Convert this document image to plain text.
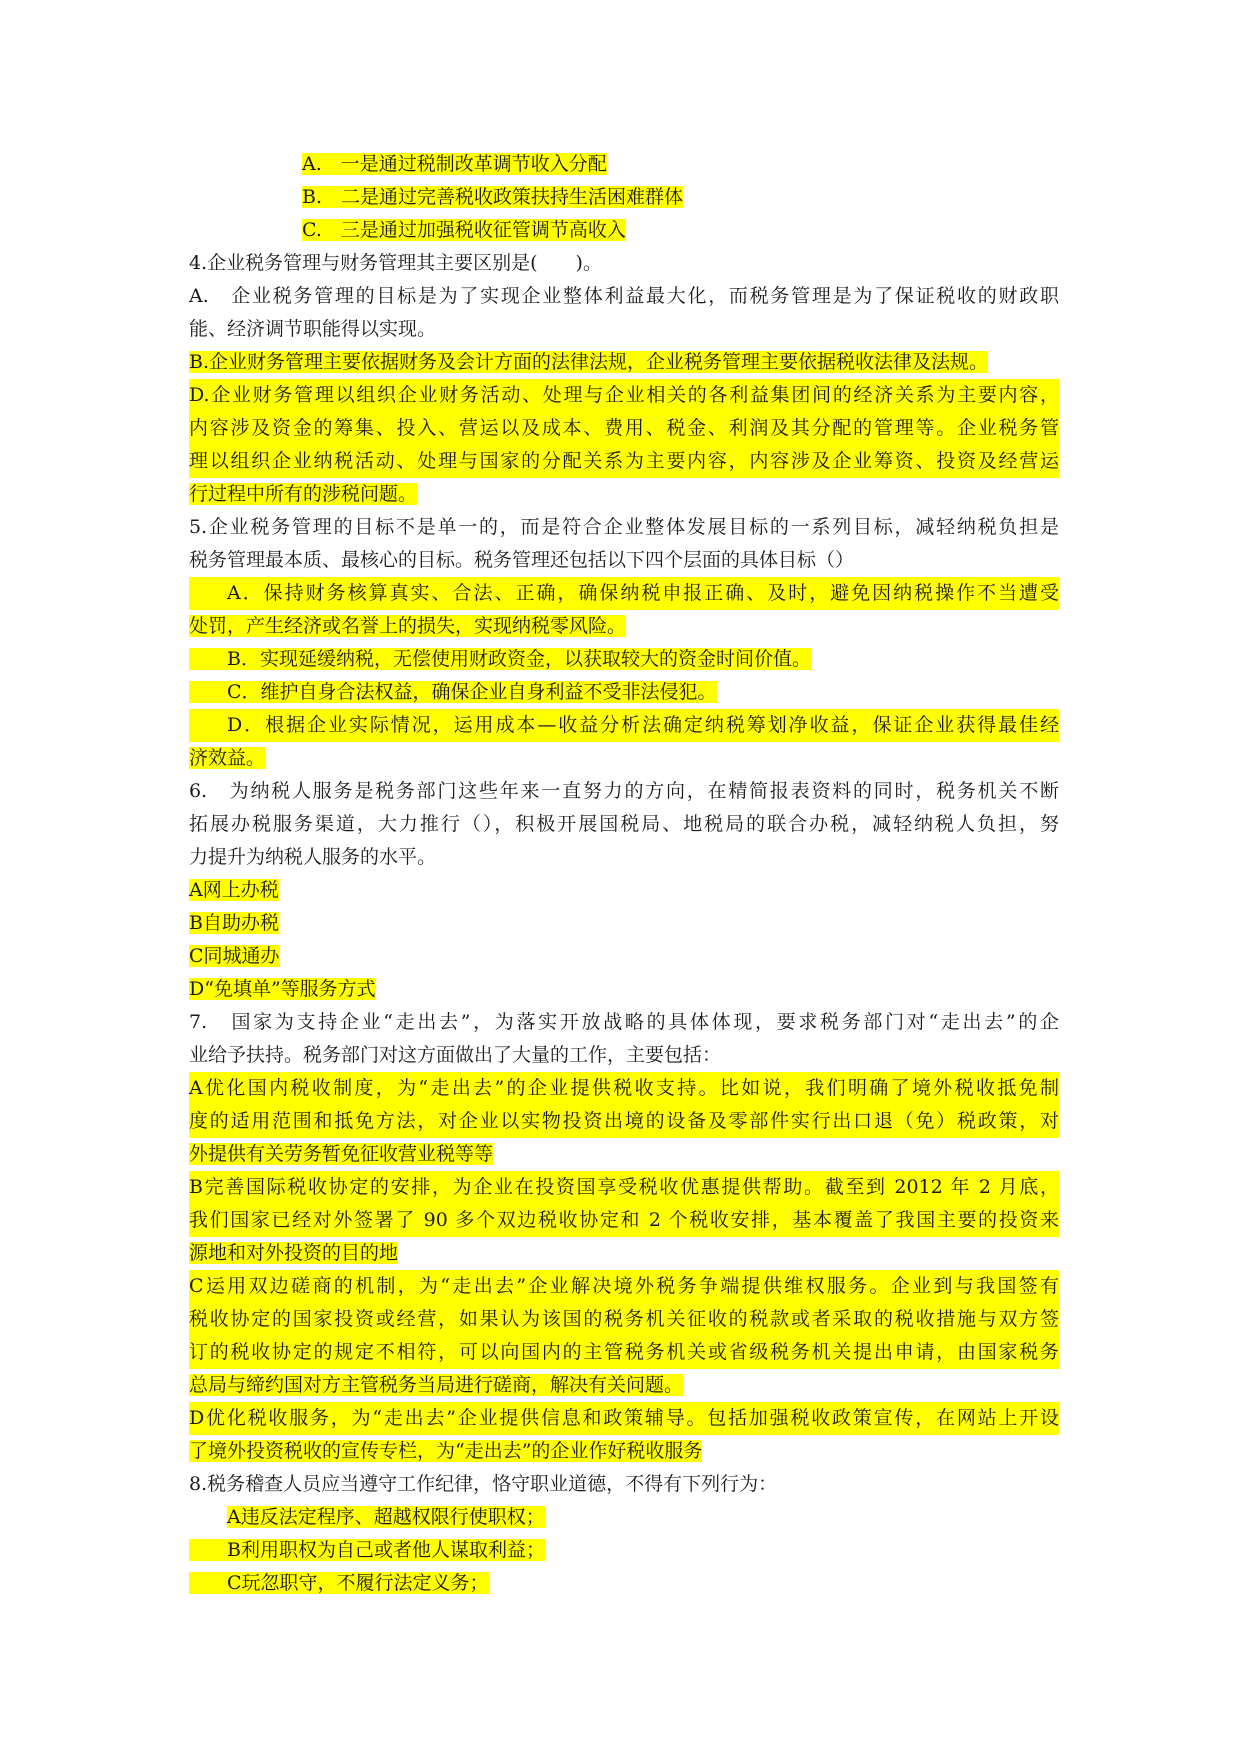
A.　一是通过税制改革调节收入分配
B.　二是通过完善税收政策扶持生活困难群体
C.　三是通过加强税收征管调节高收入
4.企业税务管理与财务管理其主要区别是(　　)。
A.　企业税务管理的目标是为了实现企业整体利益最大化，而税务管理是为了保证税收的财政职
能、经济调节职能得以实现。
B.企业财务管理主要依据财务及会计方面的法律法规，企业税务管理主要依据税收法律及法规。
D.企业财务管理以组织企业财务活动、处理与企业相关的各利益集团间的经济关系为主要内容，
内容涉及资金的筹集、投入、营运以及成本、费用、税金、利润及其分配的管理等。企业税务管
理以组织企业纳税活动、处理与国家的分配关系为主要内容，内容涉及企业筹资、投资及经营运
行过程中所有的涉税问题。
5.企业税务管理的目标不是单一的，而是符合企业整体发展目标的一系列目标，减轻纳税负担是
税务管理最本质、最核心的目标。税务管理还包括以下四个层面的具体目标（）
A．保持财务核算真实、合法、正确，确保纳税申报正确、及时，避免因纳税操作不当遭受
处罚，产生经济或名誉上的损失，实现纳税零风险。
B．实现延缓纳税，无偿使用财政资金，以获取较大的资金时间价值。
C．维护自身合法权益，确保企业自身利益不受非法侵犯。
D．根据企业实际情况，运用成本—收益分析法确定纳税筹划净收益，保证企业获得最佳经
济效益。
6.　为纳税人服务是税务部门这些年来一直努力的方向，在精简报表资料的同时，税务机关不断
拓展办税服务渠道，大力推行（），积极开展国税局、地税局的联合办税，减轻纳税人负担，努
力提升为纳税人服务的水平。
A网上办税
B自助办税
C同城通办
D“免填单”等服务方式
7.　国家为支持企业“走出去”，为落实开放战略的具体体现，要求税务部门对“走出去”的企
业给予扶持。税务部门对这方面做出了大量的工作，主要包括：
A优化国内税收制度，为“走出去”的企业提供税收支持。比如说，我们明确了境外税收抵免制
度的适用范围和抵免方法，对企业以实物投资出境的设备及零部件实行出口退（免）税政策，对
外提供有关劳务暂免征收营业税等等
B完善国际税收协定的安排，为企业在投资国享受税收优惠提供帮助。截至到 2012 年 2 月底，
我们国家已经对外签署了 90 多个双边税收协定和 2 个税收安排，基本覆盖了我国主要的投资来
源地和对外投资的目的地
C运用双边磋商的机制，为“走出去”企业解决境外税务争端提供维权服务。企业到与我国签有
税收协定的国家投资或经营，如果认为该国的税务机关征收的税款或者采取的税收措施与双方签
订的税收协定的规定不相符，可以向国内的主管税务机关或省级税务机关提出申请，由国家税务
总局与缔约国对方主管税务当局进行磋商，解决有关问题。
D优化税收服务，为“走出去”企业提供信息和政策辅导。包括加强税收政策宣传，在网站上开设
了境外投资税收的宣传专栏，为“走出去”的企业作好税收服务
8.税务稽查人员应当遵守工作纪律，恪守职业道德，不得有下列行为：
A违反法定程序、超越权限行使职权；
B利用职权为自己或者他人谋取利益；
C玩忽职守，不履行法定义务；
